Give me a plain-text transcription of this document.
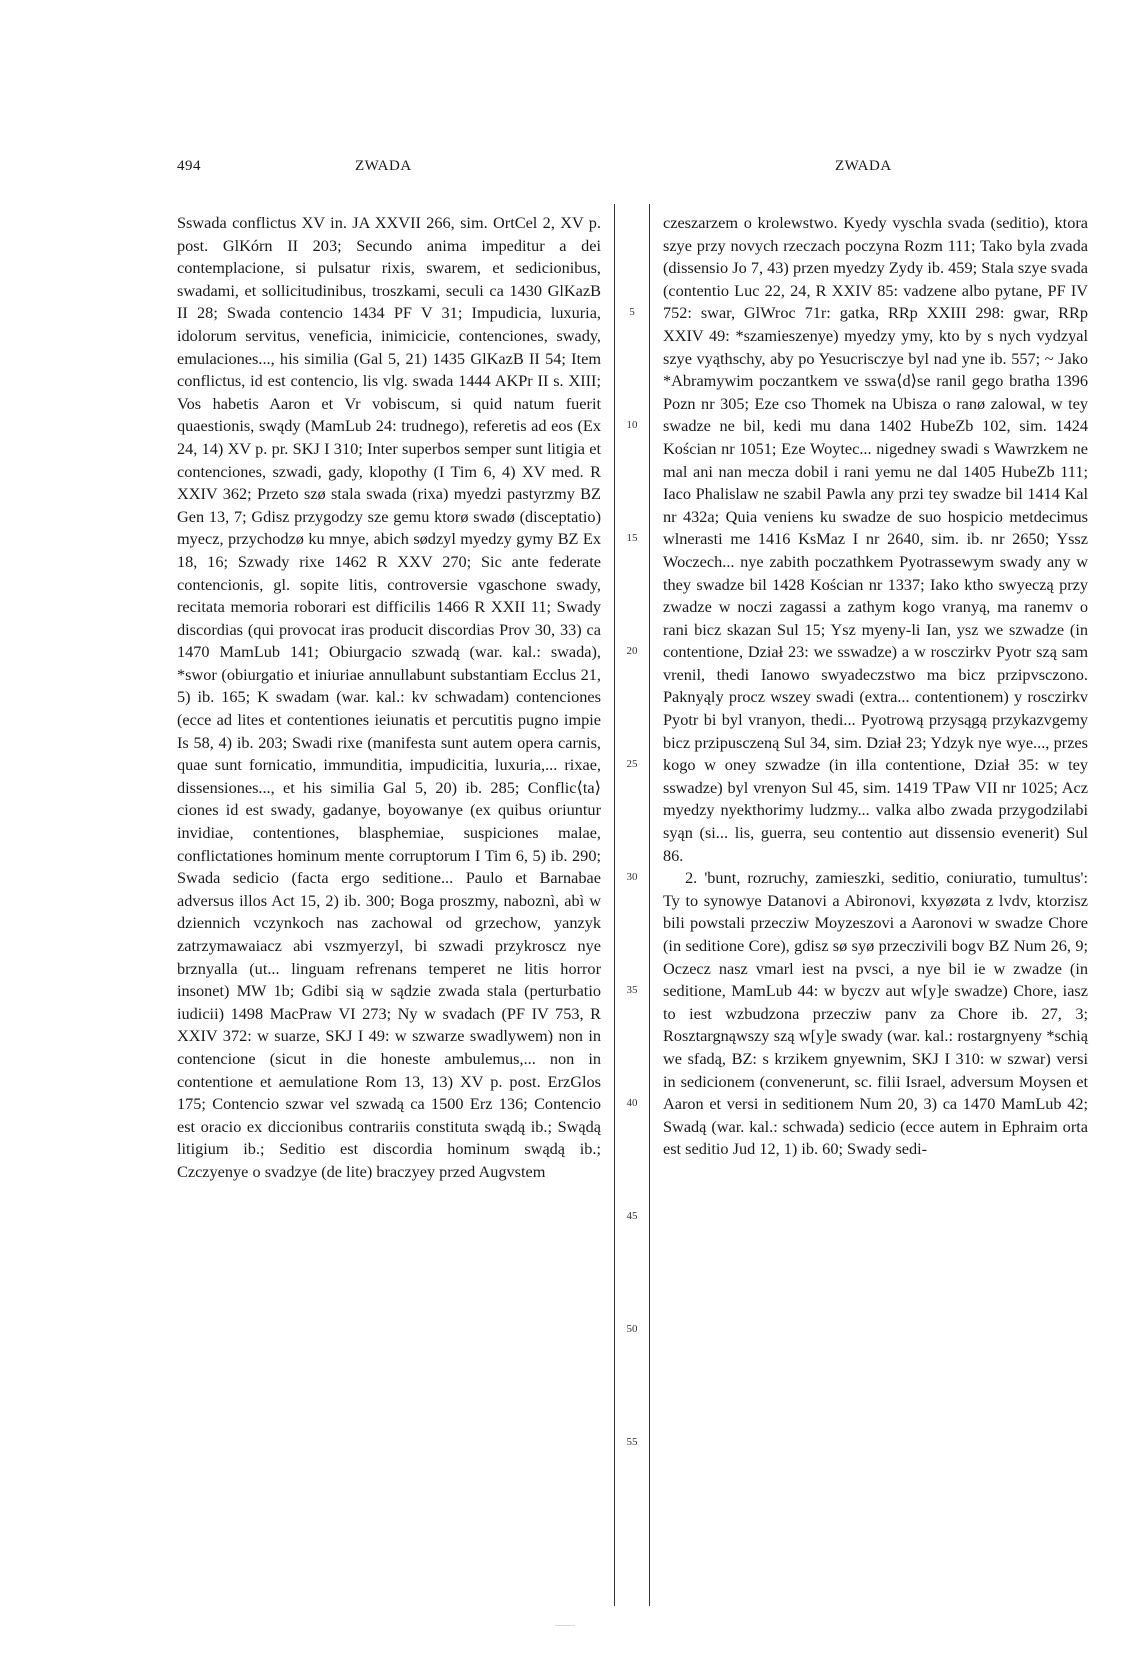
494	ZWADA	ZWADA

Sswada conflictus XV in. JA XXVII 266, sim. OrtCel 2, XV p. post. GlKórn II 203; Secundo anima impeditur a dei contemplacione, si pulsatur rixis, swarem, et sedicionibus, swadami, et sollicitudinibus, troszkami, seculi ca 1430 GlKazB II 28; Swada contencio 1434 PF V 31; Impudicia, luxuria, idolorum servitus, veneficia, inimicicie, contenciones, swady, emulaciones..., his similia (Gal 5, 21) 1435 GlKazB II 54; Item conflictus, id est contencio, lis vlg. swada 1444 AKPr II s. XIII; Vos habetis Aaron et Vr vobiscum, si quid natum fuerit quaestionis, swądy (MamLub 24: trudnego), referetis ad eos (Ex 24, 14) XV p. pr. SKJ I 310; Inter superbos semper sunt litigia et contenciones, szwadi, gady, klopothy (I Tim 6, 4) XV med. R XXIV 362; Przeto szø stala swada (rixa) myedzi pastyrzmy BZ Gen 13, 7; Gdisz przygodzy sze gemu ktorø swadø (disceptatio) myecz, przychodzø ku mnye, abich sødzyl myedzy gymy BZ Ex 18, 16; Szwady rixe 1462 R XXV 270; Sic ante federate contencionis, gl. sopite litis, controversie vgaschone swady, recitata memoria roborari est difficilis 1466 R XXII 11; Swady discordias (qui provocat iras producit discordias Prov 30, 33) ca 1470 MamLub 141; Obiurgacio szwadą (war. kal.: swada), *swor (obiurgatio et iniuriae annullabunt substantiam Ecclus 21, 5) ib. 165; K swadam (war. kal.: kv schwadam) contenciones (ecce ad lites et contentiones ieiunatis et percutitis pugno impie Is 58, 4) ib. 203; Swadi rixe (manifesta sunt autem opera carnis, quae sunt fornicatio, immunditia, impudicitia, luxuria,... rixae, dissensiones..., et his similia Gal 5, 20) ib. 285; Conflic⟨ta⟩ciones id est swady, gadanye, boyowanye (ex quibus oriuntur invidiae, contentiones, blasphemiae, suspiciones malae, conflictationes hominum mente corruptorum I Tim 6, 5) ib. 290; Swada sedicio (facta ergo seditione... Paulo et Barnabae adversus illos Act 15, 2) ib. 300; Boga proszmy, naboznì, abì w dziennich vczynkoch nas zachowal od grzechow, yanzyk zatrzymawaiacz abi vszmyerzyl, bi szwadi przykroscz nye brznyalla (ut... linguam refrenans temperet ne litis horror insonet) MW 1b; Gdibi sią w sądzie zwada stala (perturbatio iudicii) 1498 MacPraw VI 273; Ny w svadach (PF IV 753, R XXIV 372: w suarze, SKJ I 49: w szwarze swadlywem) non in contencione (sicut in die honeste ambulemus,... non in contentione et aemulatione Rom 13, 13) XV p. post. ErzGlos 175; Contencio szwar vel szwadą ca 1500 Erz 136; Contencio est oracio ex diccionibus contrariis constituta swądą ib.; Swądą litigium ib.; Seditio est discordia hominum swądą ib.; Czczyenye o svadzye (de lite) braczyey przed Augvstem

5
10
15
20
25
30
35
40
45
50
55

czeszarzem o krolewstwo. Kyedy vyschla svada (seditio), ktora szye przy novych rzeczach poczyna Rozm 111; Tako byla zvada (dissensio Jo 7, 43) przen myedzy Zydy ib. 459; Stala szye svada (contentio Luc 22, 24, R XXIV 85: vadzene albo pytane, PF IV 752: swar, GlWroc 71r: gatka, RRp XXIII 298: gwar, RRp XXIV 49: *szamieszenye) myedzy ymy, kto by s nych vydzyal szye vyąthschy, aby po Yesucrisczye byl nad yne ib. 557; ~ Jako *Abramywim poczantkem ve sswa⟨d⟩se ranil gego bratha 1396 Pozn nr 305; Eze cso Thomek na Ubisza o ranø zalowal, w tey swadze ne bil, kedi mu dana 1402 HubeZb 102, sim. 1424 Kościan nr 1051; Eze Woytec... nigedney swadi s Wawrzkem ne mal ani nan mecza dobil i rani yemu ne dal 1405 HubeZb 111; Iaco Phalislaw ne szabil Pawla any przi tey swadze bil 1414 Kal nr 432a; Quia veniens ku swadze de suo hospicio metdecimus wlnerasti me 1416 KsMaz I nr 2640, sim. ib. nr 2650; Yssz Woczech... nye zabith poczathkem Pyotrassewym swady any w they swadze bil 1428 Kościan nr 1337; Iako ktho swyeczą przy zwadze w noczi zagassi a zathym kogo vranyą, ma ranemv o rani bicz skazan Sul 15; Ysz myeny-li Ian, ysz we szwadze (in contentione, Dział 23: we sswadze) a w rosczirkv Pyotr szą sam vrenil, thedi Ianowo swyadeczstwo ma bicz przipvsczono. Paknyąly procz wszey swadi (extra... contentionem) y rosczirkv Pyotr bi byl vranyon, thedi... Pyotrową przysągą przykazvgemy bicz przipusczeną Sul 34, sim. Dział 23; Ydzyk nye wye..., przes kogo w oney szwadze (in illa contentione, Dział 35: w tey sswadze) byl vrenyon Sul 45, sim. 1419 TPaw VII nr 1025; Acz myedzy nyekthorimy ludzmy... valka albo zwada przygodzilabi syąn (si... lis, guerra, seu contentio aut dissensio evenerit) Sul 86.

2. 'bunt, rozruchy, zamieszki, seditio, coniuratio, tumultus': Ty to synowye Datanovi a Abironovi, kxyøzøta z lvdv, ktorzisz bili powstali przecziw Moyzeszovi a Aaronovi w swadze Chore (in seditione Core), gdisz sø syø przeczivili bogv BZ Num 26, 9; Oczecz nasz vmarl iest na pvsci, a nye bil ie w zwadze (in seditione, MamLub 44: w byczv aut w[y]e swadze) Chore, iasz to iest wzbudzona przecziw panv za Chore ib. 27, 3; Rosztargnąwszy szą w[y]e swady (war. kal.: rostargnyeny *schią we sfadą, BZ: s krzikem gnyewnim, SKJ I 310: w szwar) versi in sedicionem (convenerunt, sc. filii Israel, adversum Moysen et Aaron et versi in seditionem Num 20, 3) ca 1470 MamLub 42; Swadą (war. kal.: schwada) sedicio (ecce autem in Ephraim orta est seditio Jud 12, 1) ib. 60; Swady sedi-
